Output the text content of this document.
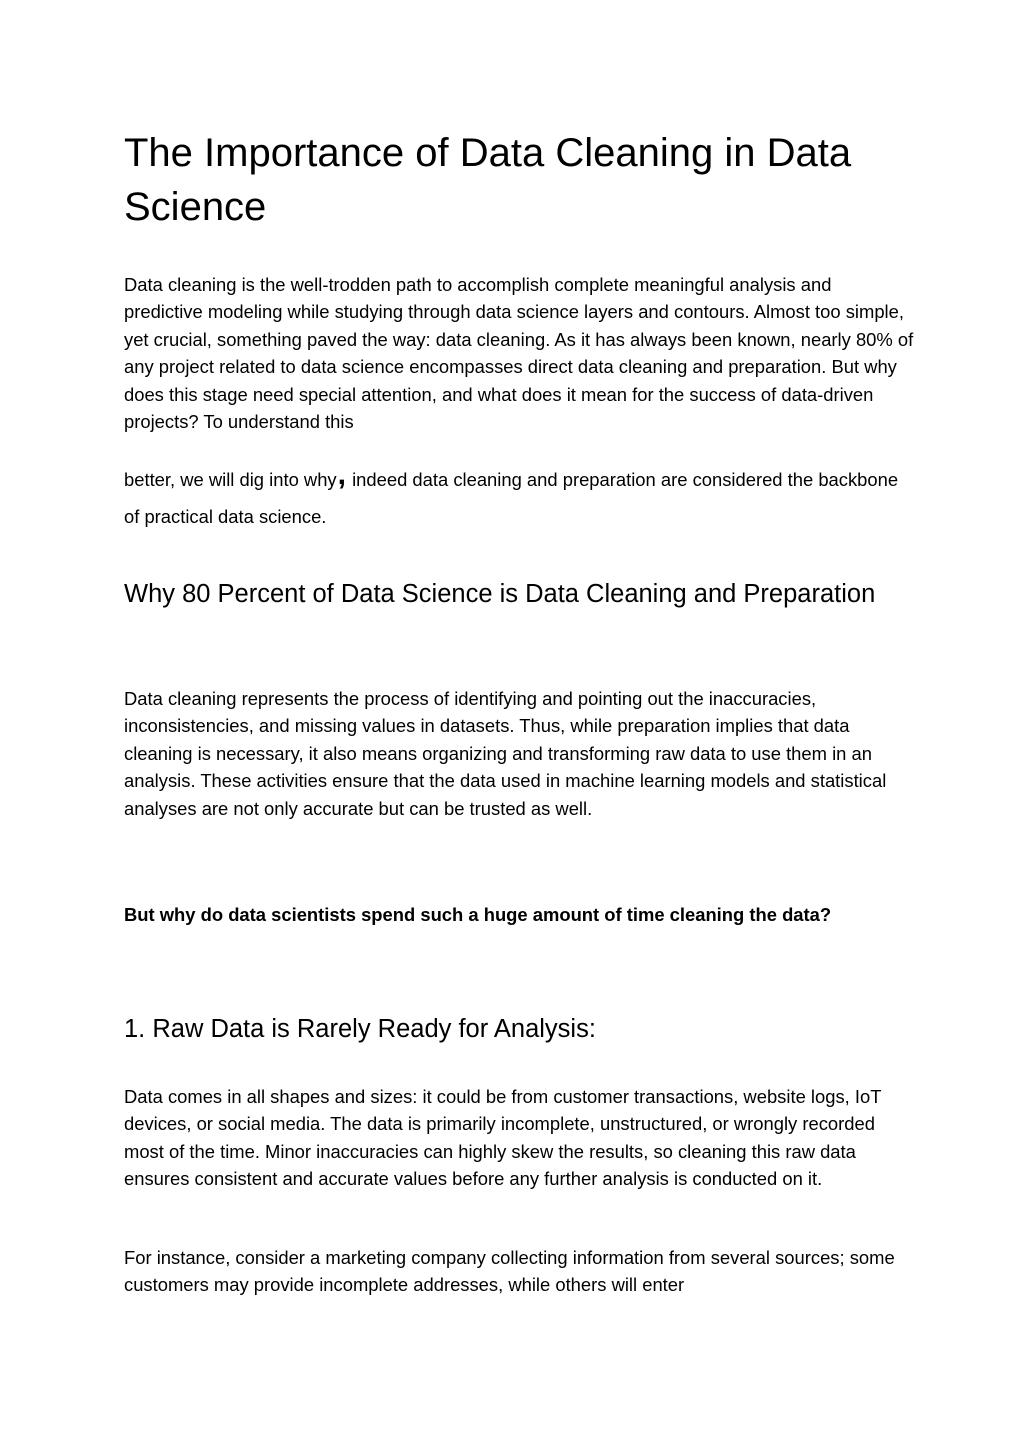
The Importance of Data Cleaning in Data Science

Data cleaning is the well-trodden path to accomplish complete meaningful analysis and predictive modeling while studying through data science layers and contours. Almost too simple, yet crucial, something paved the way: data cleaning. As it has always been known, nearly 80% of any project related to data science encompasses direct data cleaning and preparation. But why does this stage need special attention, and what does it mean for the success of data-driven projects? To understand this

better, we will dig into why, indeed data cleaning and preparation are considered the backbone of practical data science.

Why 80 Percent of Data Science is Data Cleaning and Preparation

Data cleaning represents the process of identifying and pointing out the inaccuracies, inconsistencies, and missing values in datasets. Thus, while preparation implies that data cleaning is necessary, it also means organizing and transforming raw data to use them in an analysis. These activities ensure that the data used in machine learning models and statistical analyses are not only accurate but can be trusted as well.

But why do data scientists spend such a huge amount of time cleaning the data?

1. Raw Data is Rarely Ready for Analysis:

Data comes in all shapes and sizes: it could be from customer transactions, website logs, IoT devices, or social media. The data is primarily incomplete, unstructured, or wrongly recorded most of the time. Minor inaccuracies can highly skew the results, so cleaning this raw data ensures consistent and accurate values before any further analysis is conducted on it.

For instance, consider a marketing company collecting information from several sources; some customers may provide incomplete addresses, while others will enter
